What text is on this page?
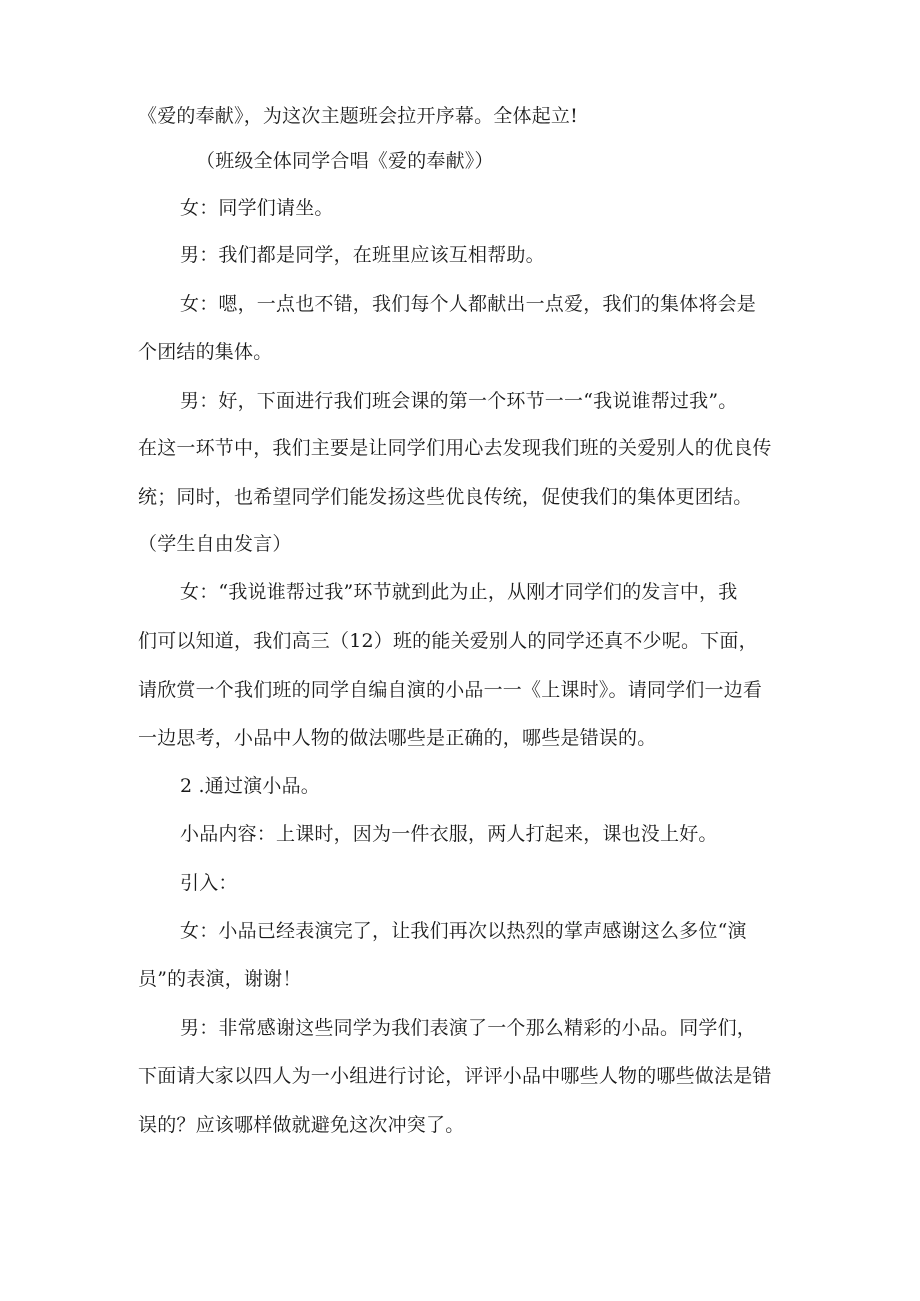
《爱的奉献》，为这次主题班会拉开序幕。全体起立!
（班级全体同学合唱《爱的奉献》）
女：同学们请坐。
男：我们都是同学，在班里应该互相帮助。
女：嗯，一点也不错，我们每个人都献出一点爱，我们的集体将会是
个团结的集体。
男：好，下面进行我们班会课的第一个环节一一“我说谁帮过我”。
在这一环节中，我们主要是让同学们用心去发现我们班的关爱别人的优良传
统；同时，也希望同学们能发扬这些优良传统，促使我们的集体更团结。
（学生自由发言）
女：“我说谁帮过我”环节就到此为止，从刚才同学们的发言中，我
们可以知道，我们高三（12）班的能关爱别人的同学还真不少呢。下面，
请欣赏一个我们班的同学自编自演的小品一一《上课时》。请同学们一边看
一边思考，小品中人物的做法哪些是正确的，哪些是错误的。
2 .通过演小品。
小品内容：上课时，因为一件衣服，两人打起来，课也没上好。
引入：
女：小品已经表演完了，让我们再次以热烈的掌声感谢这么多位“演
员”的表演，谢谢！
男：非常感谢这些同学为我们表演了一个那么精彩的小品。同学们，
下面请大家以四人为一小组进行讨论，评评小品中哪些人物的哪些做法是错
误的？应该哪样做就避免这次冲突了。
